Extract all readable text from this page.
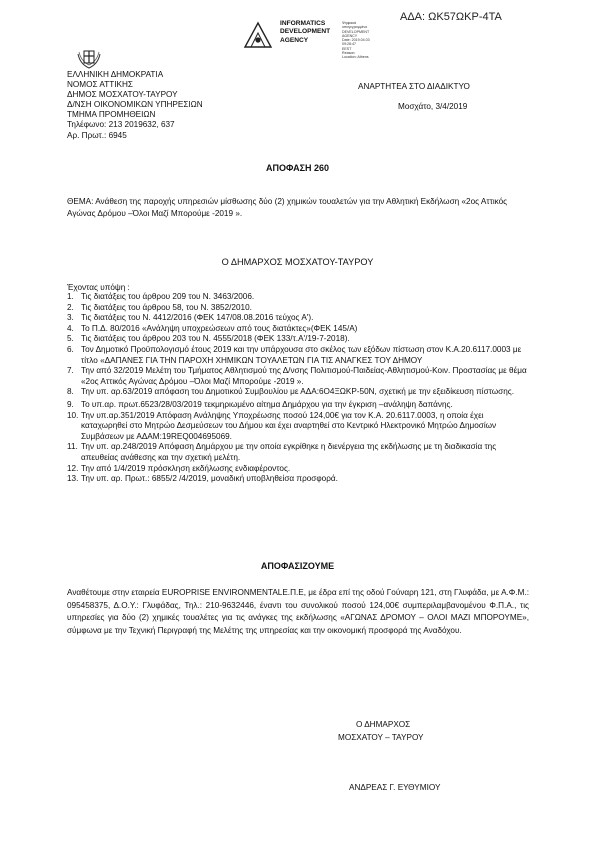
ΑΔΑ: ΩΚ57ΩΚΡ-4ΤΑ
INFORMATICS
DEVELOPMENT
AGENCY
Ψηφιακά
υπογεγραμμένο
DEVELOPMENT AGENCY
Date: 2019.04.03
09:28:47
EEST
Reason:
Location: Athens
ΕΛΛΗΝΙΚΗ ΔΗΜΟΚΡΑΤΙΑ
ΝΟΜΟΣ ΑΤΤΙΚΗΣ
ΔΗΜΟΣ ΜΟΣΧΑΤΟΥ-ΤΑΥΡΟΥ
Δ/ΝΣΗ ΟΙΚΟΝΟΜΙΚΩΝ ΥΠΗΡΕΣΙΩΝ
ΤΜΗΜΑ ΠΡΟΜΗΘΕΙΩΝ
Τηλέφωνο: 213 2019632, 637
Αρ. Πρωτ.: 6945
ΑΝΑΡΤΗΤΕΑ ΣΤΟ ΔΙΑΔΙΚΤΥΟ
Μοσχάτο, 3/4/2019
ΑΠΟΦΑΣΗ 260
ΘΕΜΑ: Ανάθεση της παροχής υπηρεσιών μίσθωσης δύο (2) χημικών τουαλετών για την Αθλητική Εκδήλωση «2ος Αττικός Αγώνας Δρόμου –Όλοι Μαζί Μπορούμε -2019 ».
Ο ΔΗΜΑΡΧΟΣ ΜΟΣΧΑΤΟΥ-ΤΑΥΡΟΥ
Έχοντας υπόψη :
1. Τις διατάξεις του άρθρου 209 του Ν. 3463/2006.
2. Τις διατάξεις του άρθρου 58, του Ν. 3852/2010.
3. Τις διατάξεις του Ν. 4412/2016 (ΦΕΚ 147/08.08.2016 τεύχος Α').
4. Το Π.Δ. 80/2016 «Ανάληψη υποχρεώσεων από τους διατάκτες»(ΦΕΚ 145/Α)
5. Τις διατάξεις του άρθρου 203 του Ν. 4555/2018 (ΦΕΚ 133/τ.Α'/19-7-2018).
6. Τον Δημοτικό Προϋπολογισμό έτους 2019 και την υπάρχουσα στο σκέλος των εξόδων πίστωση στον Κ.Α.20.6117.0003 με τίτλο «ΔΑΠΑΝΕΣ ΓΙΑ ΤΗΝ ΠΑΡΟΧΗ ΧΗΜΙΚΩΝ ΤΟΥΑΛΕΤΩΝ ΓΙΑ ΤΙΣ ΑΝΑΓΚΕΣ ΤΟΥ ΔΗΜΟΥ
7. Την από 32/2019 Μελέτη του Τμήματος Αθλητισμού της Δ/νσης Πολιτισμού-Παιδείας-Αθλητισμού-Κοιν. Προστασίας με θέμα «2ος Αττικός Αγώνας Δρόμου –Όλοι Μαζί Μπορούμε -2019 ».
8. Την υπ. αρ.63/2019 απόφαση του Δημοτικού Συμβουλίου με ΑΔΑ:6Ο4ΞΩΚΡ-50Ν, σχετική με την εξειδίκευση πίστωσης.
9. Το υπ.αρ. πρωτ.6523/28/03/2019 τεκμηριωμένο αίτημα Δημάρχου για την έγκριση –ανάληψη δαπάνης.
10. Την υπ.αρ.351/2019 Απόφαση Ανάληψης Υποχρέωσης ποσού 124,00€ για τον Κ.Α. 20.6117.0003, η οποία έχει καταχωρηθεί στο Μητρώο Δεσμεύσεων του Δήμου και έχει αναρτηθεί στο Κεντρικό Ηλεκτρονικό Μητρώο Δημοσίων Συμβάσεων με ΑΔΑΜ:19REQ004695069.
11. Την υπ. αρ.248/2019 Απόφαση Δημάρχου με την οποία εγκρίθηκε η διενέργεια της εκδήλωσης με τη διαδικασία της απευθείας ανάθεσης και την σχετική μελέτη.
12. Την από 1/4/2019 πρόσκληση εκδήλωσης ενδιαφέροντος.
13. Την υπ. αρ. Πρωτ.: 6855/2 /4/2019, μοναδική υποβληθείσα προσφορά.
ΑΠΟΦΑΣΙΖΟΥΜΕ
Αναθέτουμε στην εταιρεία EUROPRISE ENVIRONMENTALE.Π.Ε, με έδρα επί της οδού Γούναρη 121, στη Γλυφάδα, με Α.Φ.Μ.: 095458375, Δ.Ο.Υ.: Γλυφάδας, Τηλ.: 210-9632446, έναντι του συνολικού ποσού 124,00€ συμπεριλαμβανομένου Φ.Π.Α., τις υπηρεσίες για δύο (2) χημικές τουαλέτες για τις ανάγκες της εκδήλωσης «ΑΓΩΝΑΣ ΔΡΟΜΟΥ – ΟΛΟΙ ΜΑΖΙ ΜΠΟΡΟΥΜΕ», σύμφωνα με την Τεχνική Περιγραφή της Μελέτης της υπηρεσίας και την οικονομική προσφορά της Αναδόχου.
Ο ΔΗΜΑΡΧΟΣ
ΜΟΣΧΑΤΟΥ – ΤΑΥΡΟΥ
ΑΝΔΡΕΑΣ Γ. ΕΥΘΥΜΙΟΥ
